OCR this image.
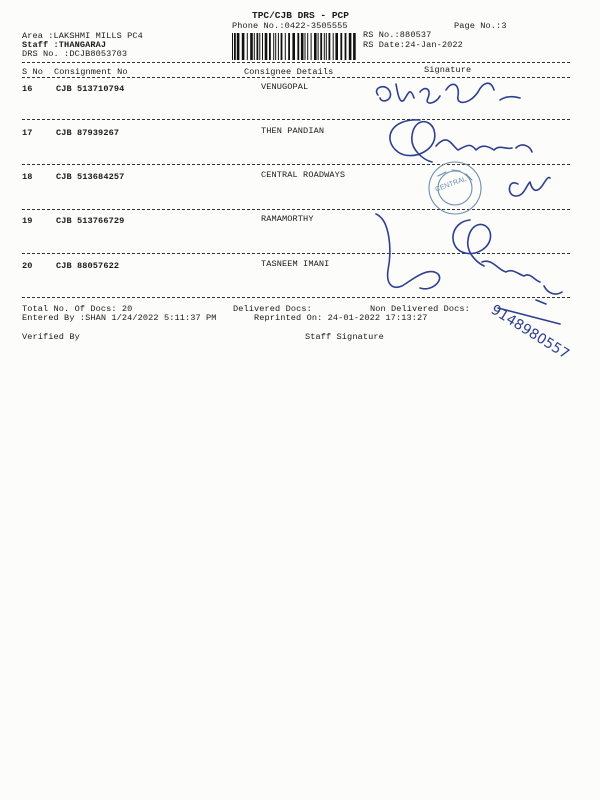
TPC/CJB DRS - PCP
Phone No.:0422-3505555	Page No.:3
Area :LAKSHMI MILLS PC4
Staff :THANGARAJ
DRS No. :DCJB8053703
RS No.:880537
RS Date:24-Jan-2022
S No Consignment No	Consignee Details	Signature
16	CJB 513710794	VENUGOPAL
17	CJB 87939267	THEN PANDIAN
18	CJB 513684257	CENTRAL ROADWAYS
19	CJB 513766729	RAMAMORTHY
20	CJB 88057622	TASNEEM IMANI
Total No. Of Docs: 20	Delivered Docs:	Non Delivered Docs:
Entered By :SHAN 1/24/2022 5:11:37 PM	Reprinted On: 24-01-2022 17:13:27
Verified By	Staff Signature
CENTRAL
9148980557
